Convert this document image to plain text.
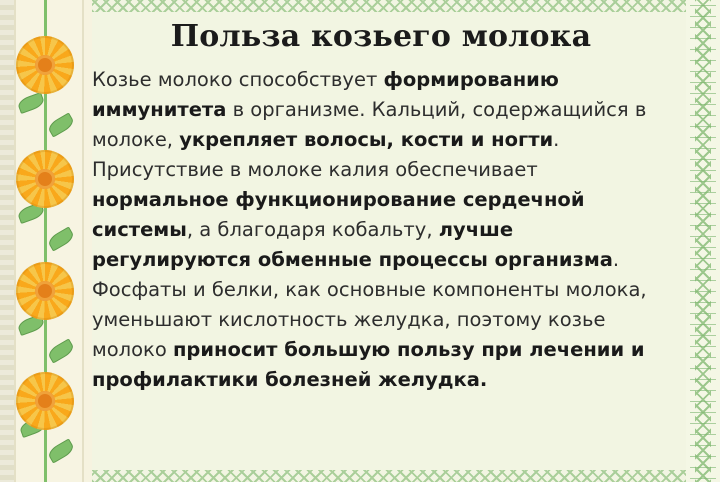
Польза козьего молока
Козье молоко способствует формированию иммунитета в организме. Кальций, содержащийся в молоке, укрепляет волосы, кости и ногти. Присутствие в молоке калия обеспечивает нормальное функционирование сердечной системы, а благодаря кобальту, лучше регулируются обменные процессы организма. Фосфаты и белки, как основные компоненты молока, уменьшают кислотность желудка, поэтому козье молоко приносит большую пользу при лечении и профилактики болезней желудка.
